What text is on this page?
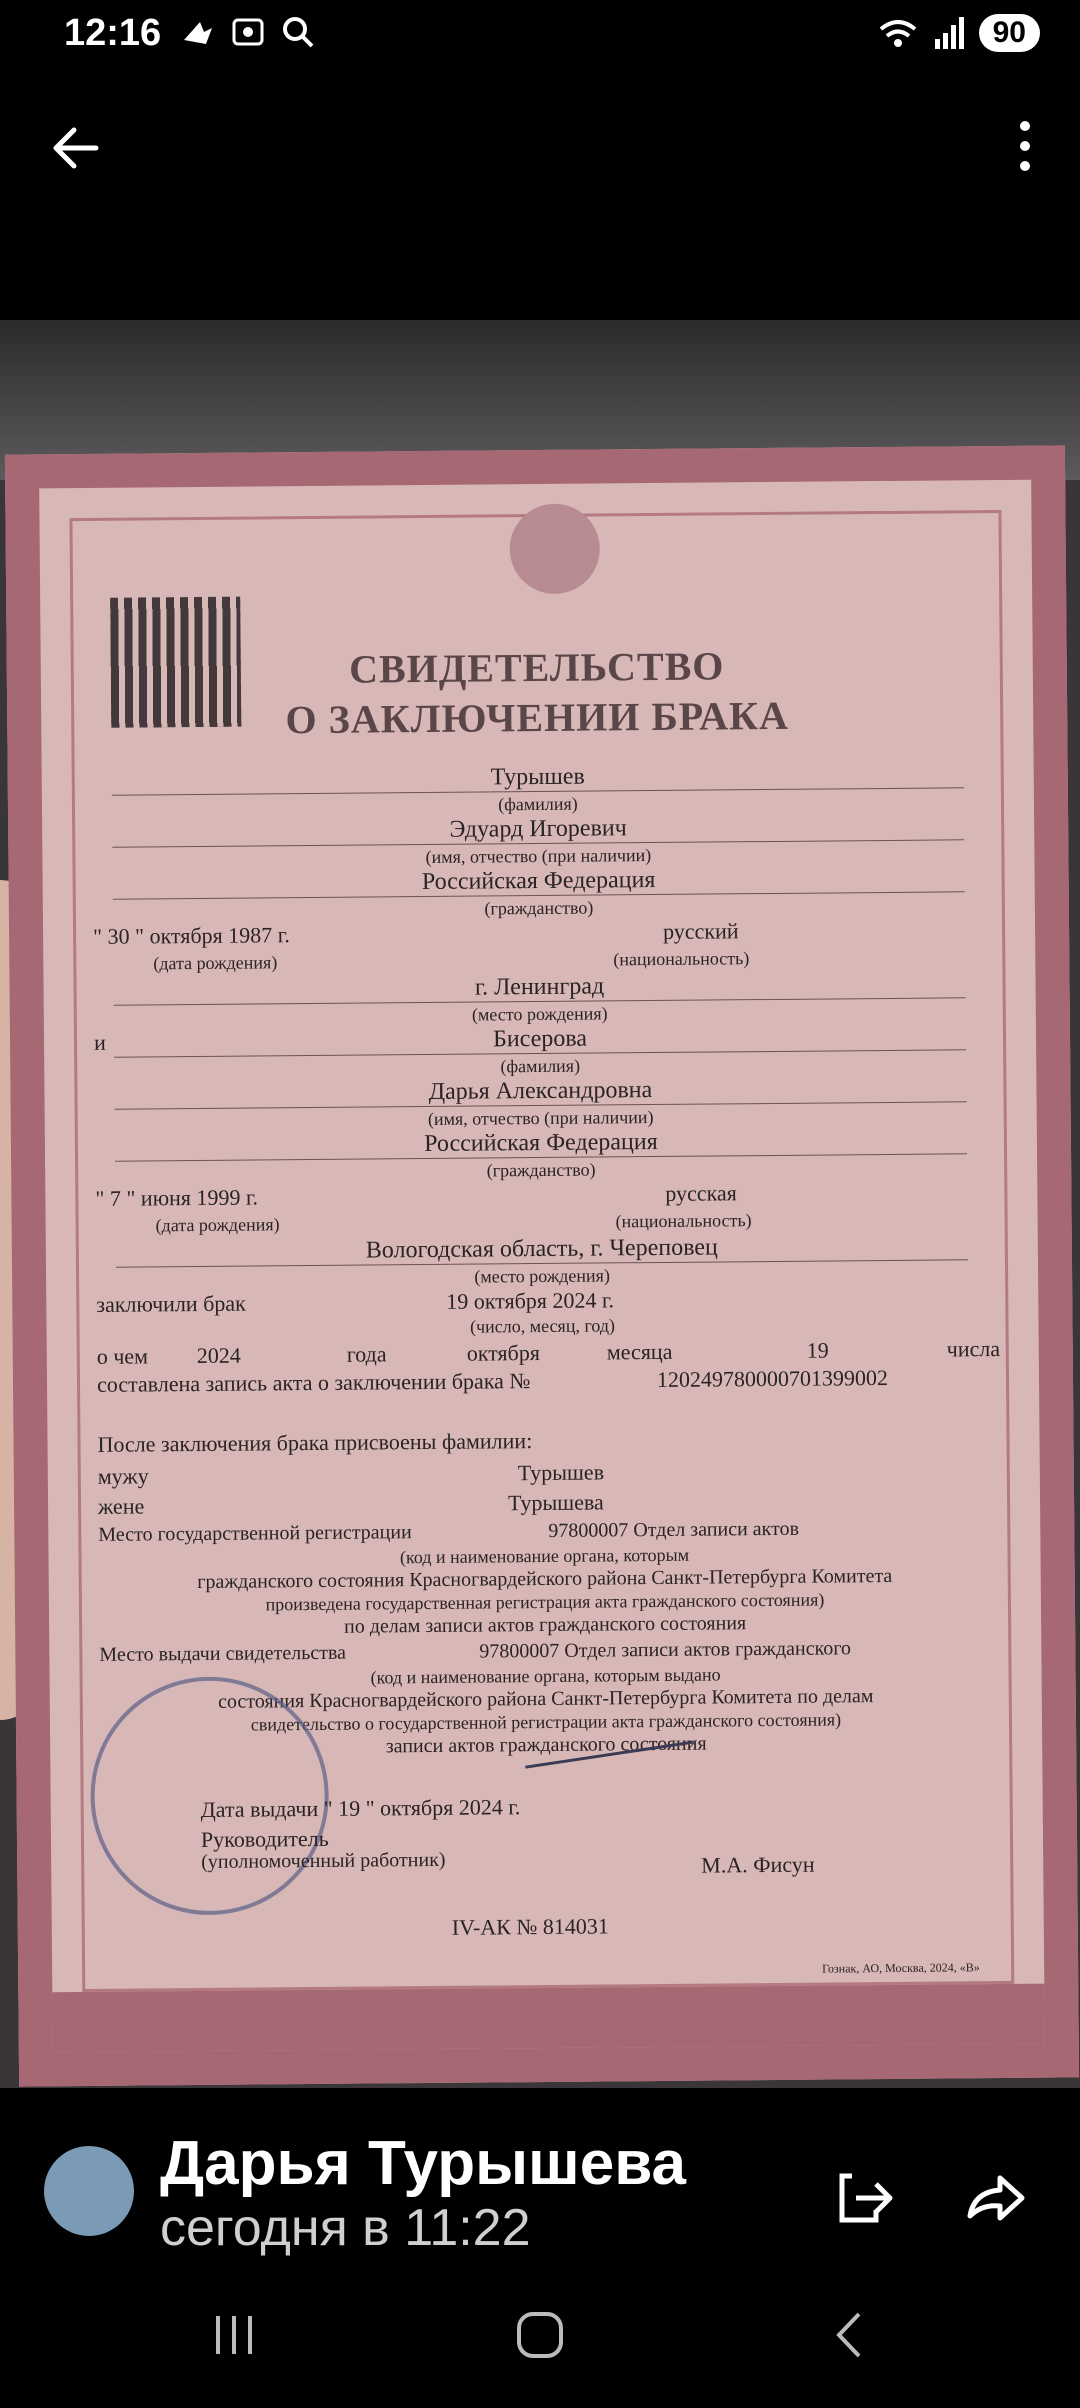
12:16	90
СВИДЕТЕЛЬСТВО
О ЗАКЛЮЧЕНИИ БРАКА
Турышев
(фамилия)
Эдуард Игоревич
(имя, отчество (при наличии)
Российская Федерация
(гражданство)
" 30 " октября 1987 г.	русский
(дата рождения)	(национальность)
г. Ленинград
(место рождения)
и	Бисерова
(фамилия)
Дарья Александровна
(имя, отчество (при наличии)
Российская Федерация
(гражданство)
" 7 " июня 1999 г.	русская
(дата рождения)	(национальность)
Вологодская область, г. Череповец
(место рождения)
заключили брак	19 октября 2024 г.
(число, месяц, год)
о чем 2024	года	октября	месяца	19	числа
составлена запись акта о заключении брака №	120249780000701399002
После заключения брака присвоены фамилии:
мужу	Турышев
жене	Турышева
Место государственной регистрации	97800007 Отдел записи актов
(код и наименование органа, которым
гражданского состояния Красногвардейского района Санкт-Петербурга Комитета
произведена государственная регистрация акта гражданского состояния)
по делам записи актов гражданского состояния
Место выдачи свидетельства	97800007 Отдел записи актов гражданского
(код и наименование органа, которым выдано
состояния Красногвардейского района Санкт-Петербурга Комитета по делам
свидетельство о государственной регистрации акта гражданского состояния)
записи актов гражданского состояния
Дата выдачи " 19 " октября 2024 г.
Руководитель
(уполномоченный работник)	М.А. Фисун
IV-АК № 814031
Гознак, АО, Москва, 2024, «В»
Дарья Турышева
сегодня в 11:22
